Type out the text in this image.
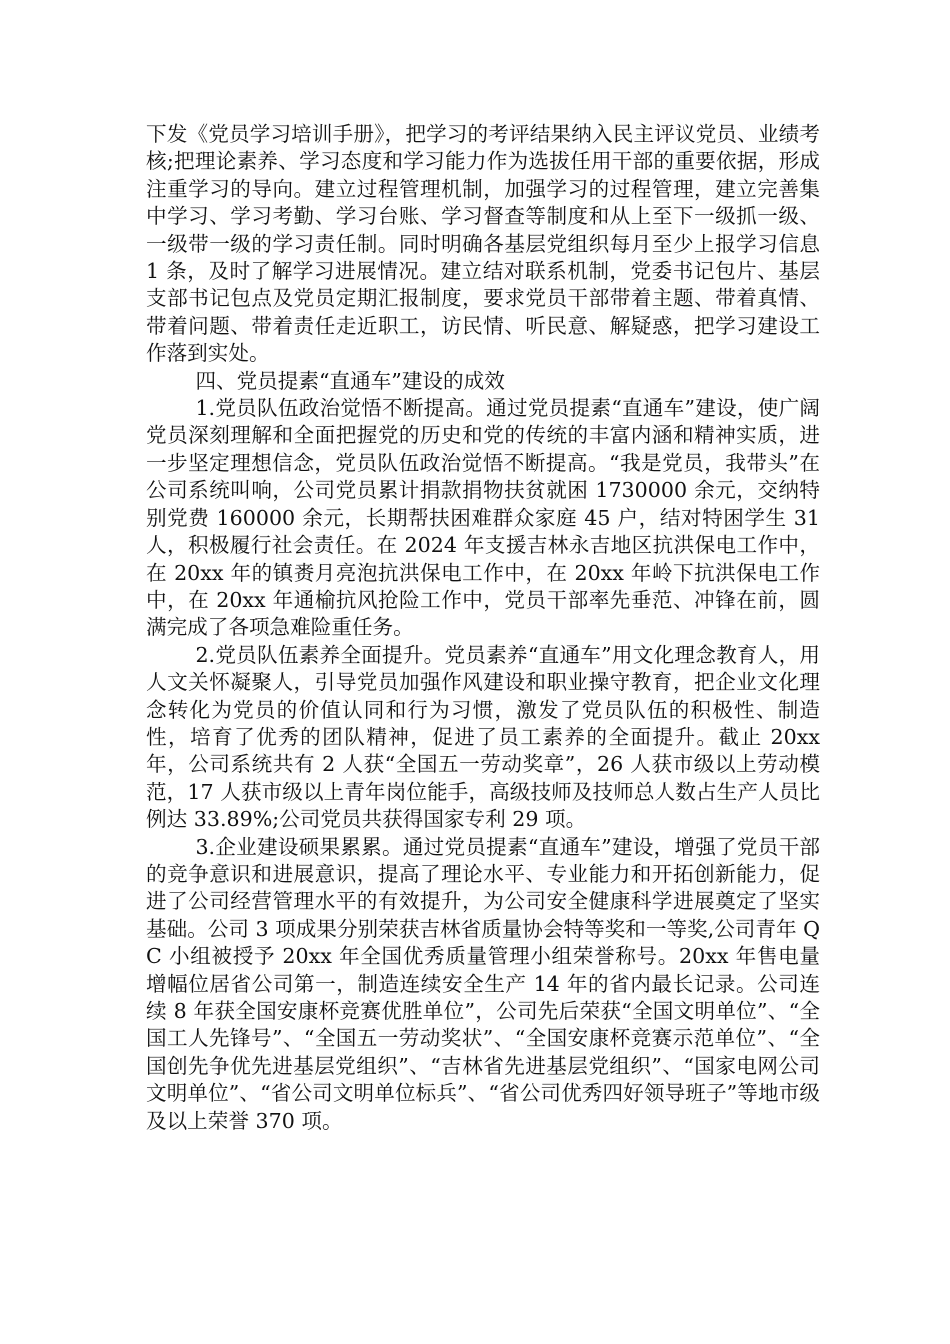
下发《党员学习培训手册》，把学习的考评结果纳入民主评议党员、业绩考核;把理论素养、学习态度和学习能力作为选拔任用干部的重要依据，形成注重学习的导向。建立过程管理机制，加强学习的过程管理，建立完善集中学习、学习考勤、学习台账、学习督查等制度和从上至下一级抓一级、一级带一级的学习责任制。同时明确各基层党组织每月至少上报学习信息 1 条，及时了解学习进展情况。建立结对联系机制，党委书记包片、基层支部书记包点及党员定期汇报制度，要求党员干部带着主题、带着真情、带着问题、带着责任走近职工，访民情、听民意、解疑惑，把学习建设工作落到实处。

四、党员提素“直通车”建设的成效

1.党员队伍政治觉悟不断提高。通过党员提素“直通车”建设，使广阔党员深刻理解和全面把握党的历史和党的传统的丰富内涵和精神实质，进一步坚定理想信念，党员队伍政治觉悟不断提高。“我是党员，我带头”在公司系统叫响，公司党员累计捐款捐物扶贫就困 1730000 余元，交纳特别党费 160000 余元，长期帮扶困难群众家庭 45 户，结对特困学生 31 人，积极履行社会责任。在 2024 年支援吉林永吉地区抗洪保电工作中，在 20xx 年的镇赉月亮泡抗洪保电工作中，在 20xx 年岭下抗洪保电工作中，在 20xx 年通榆抗风抢险工作中，党员干部率先垂范、冲锋在前，圆满完成了各项急难险重任务。

2.党员队伍素养全面提升。党员素养“直通车”用文化理念教育人，用人文关怀凝聚人，引导党员加强作风建设和职业操守教育，把企业文化理念转化为党员的价值认同和行为习惯，激发了党员队伍的积极性、制造性，培育了优秀的团队精神，促进了员工素养的全面提升。截止 20xx 年，公司系统共有 2 人获“全国五一劳动奖章”，26 人获市级以上劳动模范，17 人获市级以上青年岗位能手，高级技师及技师总人数占生产人员比例达 33.89%;公司党员共获得国家专利 29 项。

3.企业建设硕果累累。通过党员提素“直通车”建设，增强了党员干部的竞争意识和进展意识，提高了理论水平、专业能力和开拓创新能力，促进了公司经营管理水平的有效提升，为公司安全健康科学进展奠定了坚实基础。公司 3 项成果分别荣获吉林省质量协会特等奖和一等奖,公司青年 QC 小组被授予 20xx 年全国优秀质量管理小组荣誉称号。20xx 年售电量增幅位居省公司第一，制造连续安全生产 14 年的省内最长记录。公司连续 8 年获全国安康杯竞赛优胜单位”，公司先后荣获“全国文明单位”、“全国工人先锋号”、“全国五一劳动奖状”、“全国安康杯竞赛示范单位”、“全国创先争优先进基层党组织”、“吉林省先进基层党组织”、“国家电网公司文明单位”、“省公司文明单位标兵”、“省公司优秀四好领导班子”等地市级及以上荣誉 370 项。
